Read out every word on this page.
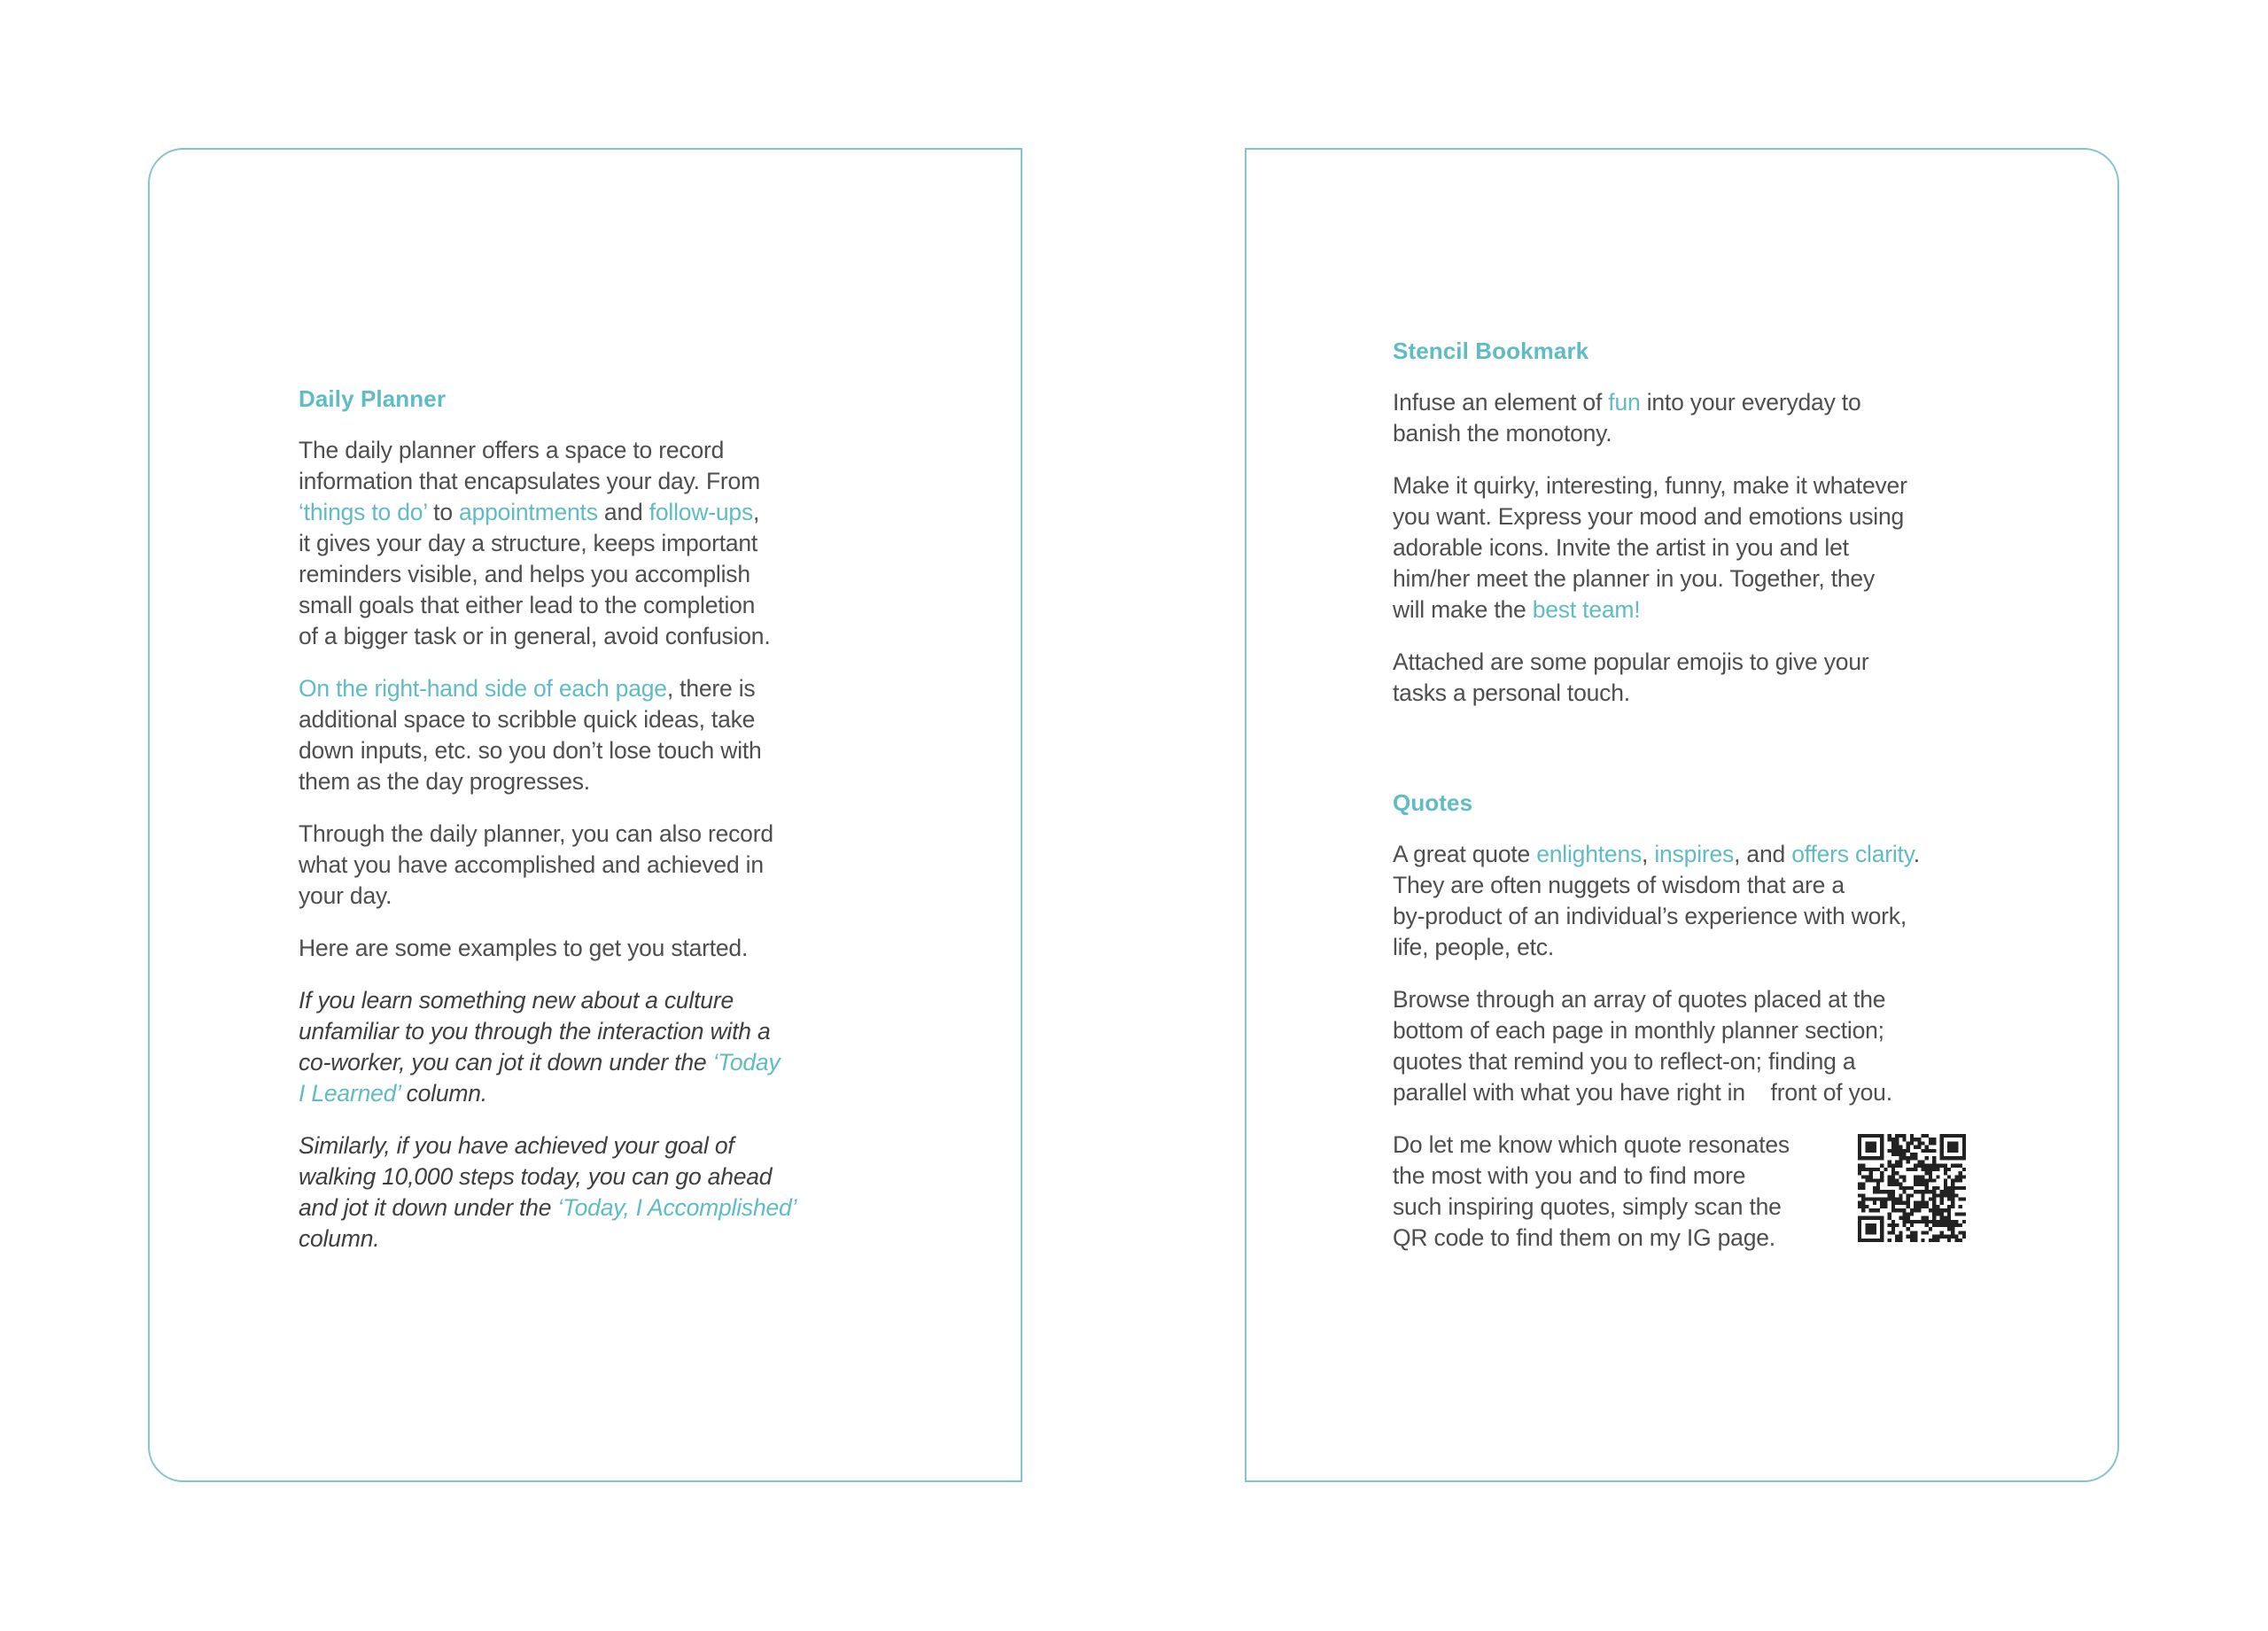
Daily Planner
The daily planner offers a space to record
information that encapsulates your day. From
‘things to do’ to appointments and follow-ups,
it gives your day a structure, keeps important
reminders visible, and helps you accomplish
small goals that either lead to the completion
of a bigger task or in general, avoid confusion.
On the right-hand side of each page, there is
additional space to scribble quick ideas, take
down inputs, etc. so you don’t lose touch with
them as the day progresses.
Through the daily planner, you can also record
what you have accomplished and achieved in
your day.
Here are some examples to get you started.
If you learn something new about a culture
unfamiliar to you through the interaction with a
co-worker, you can jot it down under the ‘Today
I Learned’ column.
Similarly, if you have achieved your goal of
walking 10,000 steps today, you can go ahead
and jot it down under the ‘Today, I Accomplished’
column.
Stencil Bookmark
Infuse an element of fun into your everyday to
banish the monotony.
Make it quirky, interesting, funny, make it whatever
you want. Express your mood and emotions using
adorable icons. Invite the artist in you and let
him/her meet the planner in you. Together, they
will make the best team!
Attached are some popular emojis to give your
tasks a personal touch.
Quotes
A great quote enlightens, inspires, and offers clarity.
They are often nuggets of wisdom that are a
by-product of an individual’s experience with work,
life, people, etc.
Browse through an array of quotes placed at the
bottom of each page in monthly planner section;
quotes that remind you to reflect-on; finding a
parallel with what you have right in    front of you.
Do let me know which quote resonates
the most with you and to find more
such inspiring quotes, simply scan the
QR code to find them on my IG page.
